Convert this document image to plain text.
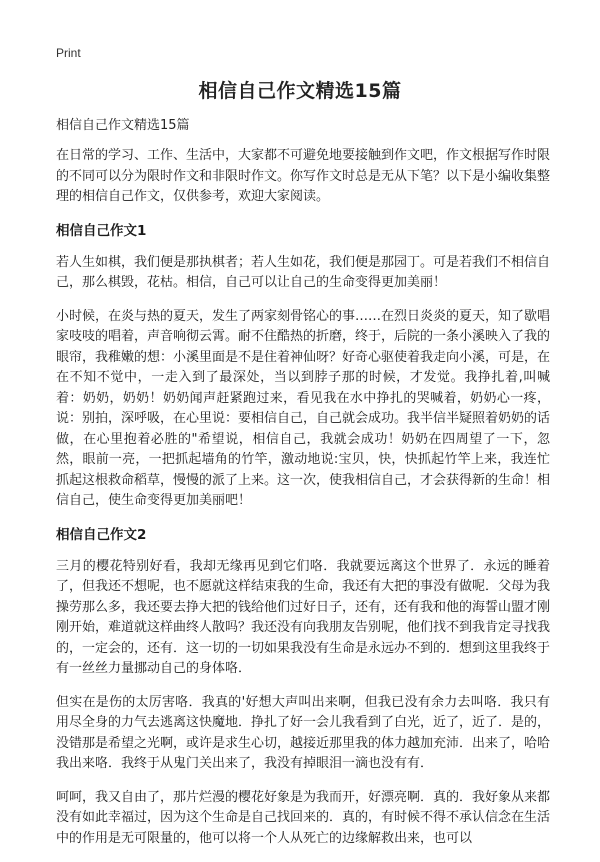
Print
相信自己作文精选15篇

相信自己作文精选15篇

在日常的学习、工作、生活中，大家都不可避免地要接触到作文吧，作文根据写作时限的不同可以分为限时作文和非限时作文。你写作文时总是无从下笔？以下是小编收集整理的相信自己作文，仅供参考，欢迎大家阅读。

相信自己作文1

若人生如棋，我们便是那执棋者；若人生如花，我们便是那园丁。可是若我们不相信自己，那么棋毁，花枯。相信，自己可以让自己的生命变得更加美丽！

小时候，在炎与热的夏天，发生了两家刻骨铭心的事……在烈日炎炎的夏天，知了歇唱家吱吱的唱着，声音响彻云霄。耐不住酷热的折磨，终于，后院的一条小溪映入了我的眼帘，我稚嫩的想：小溪里面是不是住着神仙呀？好奇心驱使着我走向小溪，可是，在在不知不觉中，一走入到了最深处，当以到脖子那的时候，才发觉。我挣扎着,叫喊着：奶奶，奶奶！奶奶闻声赶紧跑过来，看见我在水中挣扎的哭喊着，奶奶心一疼，说：别拍，深呼吸，在心里说：要相信自己，自己就会成功。我半信半疑照着奶奶的话做，在心里抱着必胜的"希望说，相信自己，我就会成功！奶奶在四周望了一下，忽然，眼前一亮，一把抓起墙角的竹竿，激动地说:宝贝，快，快抓起竹竿上来，我连忙抓起这根救命稻草，慢慢的派了上来。这一次，使我相信自己，才会获得新的生命！相信自己，使生命变得更加美丽吧！

相信自己作文2

三月的樱花特别好看，我却无缘再见到它们咯．我就要远离这个世界了．永远的睡着了，但我还不想呢，也不愿就这样结束我的生命，我还有大把的事没有做呢．父母为我操劳那么多，我还要去挣大把的钱给他们过好日子，还有，还有我和他的海誓山盟才刚刚开始，难道就这样曲终人散吗？我还没有向我朋友告别呢，他们找不到我肯定寻找我的，一定会的，还有．这一切的一切如果我没有生命是永远办不到的．想到这里我终于有一丝丝力量挪动自己的身体咯．

但实在是伤的太厉害咯．我真的'好想大声叫出来啊，但我已没有余力去叫咯．我只有用尽全身的力气去逃离这快魔地．挣扎了好一会儿我看到了白光，近了，近了．是的，没错那是希望之光啊，或许是求生心切，越接近那里我的体力越加充沛．出来了，哈哈我出来咯．我终于从鬼门关出来了，我没有掉眼泪一滴也没有有．

呵呵，我又自由了，那片烂漫的樱花好象是为我而开，好漂亮啊．真的．我好象从来都没有如此幸福过，因为这个生命是自己找回来的．真的，有时候不得不承认信念在生活中的作用是无可限量的，他可以将一个人从死亡的边缘解救出来，也可以
